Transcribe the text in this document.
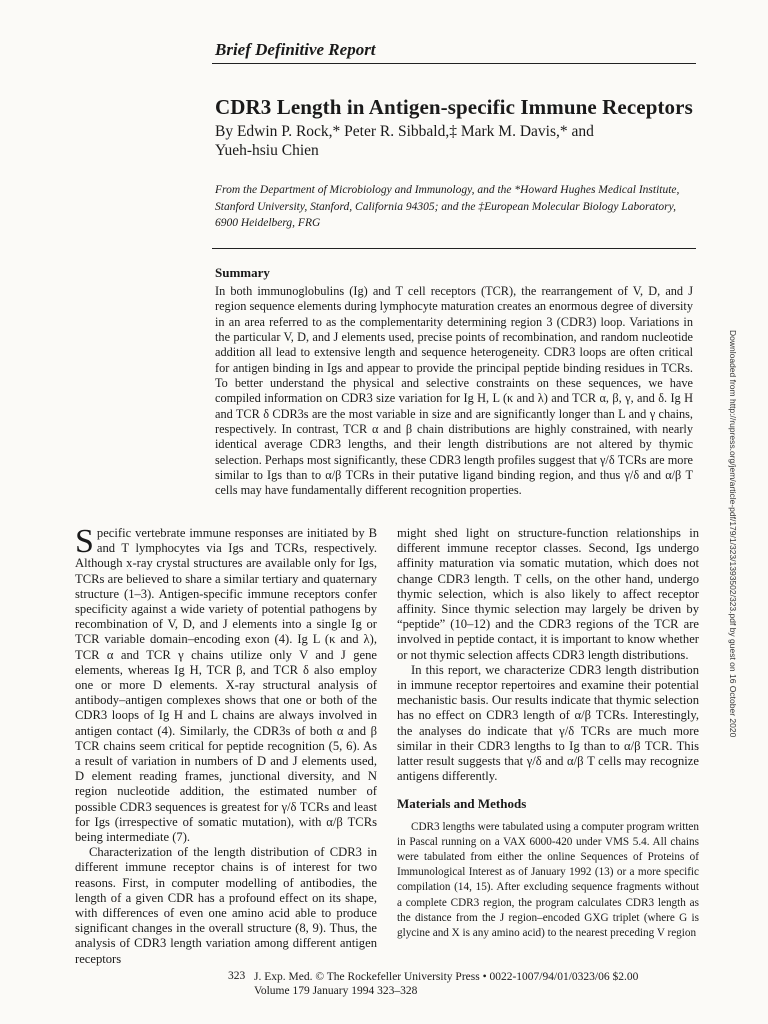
Brief Definitive Report
CDR3 Length in Antigen-specific Immune Receptors
By Edwin P. Rock,* Peter R. Sibbald,‡ Mark M. Davis,* and
Yueh-hsiu Chien
From the Department of Microbiology and Immunology, and the *Howard Hughes Medical Institute, Stanford University, Stanford, California 94305; and the ‡European Molecular Biology Laboratory, 6900 Heidelberg, FRG
Summary

In both immunoglobulins (Ig) and T cell receptors (TCR), the rearrangement of V, D, and J region sequence elements during lymphocyte maturation creates an enormous degree of diversity in an area referred to as the complementarity determining region 3 (CDR3) loop. Variations in the particular V, D, and J elements used, precise points of recombination, and random nucleotide addition all lead to extensive length and sequence heterogeneity. CDR3 loops are often critical for antigen binding in Igs and appear to provide the principal peptide binding residues in TCRs. To better understand the physical and selective constraints on these sequences, we have compiled information on CDR3 size variation for Ig H, L (κ and λ) and TCR α, β, γ, and δ. Ig H and TCR δ CDR3s are the most variable in size and are significantly longer than L and γ chains, respectively. In contrast, TCR α and β chain distributions are highly constrained, with nearly identical average CDR3 lengths, and their length distributions are not altered by thymic selection. Perhaps most significantly, these CDR3 length profiles suggest that γ/δ TCRs are more similar to Igs than to α/β TCRs in their putative ligand binding region, and thus γ/δ and α/β T cells may have fundamentally different recognition properties.

Specific vertebrate immune responses are initiated by B and T lymphocytes via Igs and TCRs, respectively. Although x-ray crystal structures are available only for Igs, TCRs are believed to share a similar tertiary and quaternary structure (1–3). Antigen-specific immune receptors confer specificity against a wide variety of potential pathogens by recombination of V, D, and J elements into a single Ig or TCR variable domain–encoding exon (4). Ig L (κ and λ), TCR α and TCR γ chains utilize only V and J gene elements, whereas Ig H, TCR β, and TCR δ also employ one or more D elements. X-ray structural analysis of antibody–antigen complexes shows that one or both of the CDR3 loops of Ig H and L chains are always involved in antigen contact (4). Similarly, the CDR3s of both α and β TCR chains seem critical for peptide recognition (5, 6). As a result of variation in numbers of D and J elements used, D element reading frames, junctional diversity, and N region nucleotide addition, the estimated number of possible CDR3 sequences is greatest for γ/δ TCRs and least for Igs (irrespective of somatic mutation), with α/β TCRs being intermediate (7).

Characterization of the length distribution of CDR3 in different immune receptor chains is of interest for two reasons. First, in computer modelling of antibodies, the length of a given CDR has a profound effect on its shape, with differences of even one amino acid able to produce significant changes in the overall structure (8, 9). Thus, the analysis of CDR3 length variation among different antigen receptors

might shed light on structure-function relationships in different immune receptor classes. Second, Igs undergo affinity maturation via somatic mutation, which does not change CDR3 length. T cells, on the other hand, undergo thymic selection, which is also likely to affect receptor affinity. Since thymic selection may largely be driven by “peptide” (10–12) and the CDR3 regions of the TCR are involved in peptide contact, it is important to know whether or not thymic selection affects CDR3 length distributions.

In this report, we characterize CDR3 length distribution in immune receptor repertoires and examine their potential mechanistic basis. Our results indicate that thymic selection has no effect on CDR3 length of α/β TCRs. Interestingly, the analyses do indicate that γ/δ TCRs are much more similar in their CDR3 lengths to Ig than to α/β TCR. This latter result suggests that γ/δ and α/β T cells may recognize antigens differently.

Materials and Methods

CDR3 lengths were tabulated using a computer program written in Pascal running on a VAX 6000-420 under VMS 5.4. All chains were tabulated from either the online Sequences of Proteins of Immunological Interest as of January 1992 (13) or a more specific compilation (14, 15). After excluding sequence fragments without a complete CDR3 region, the program calculates CDR3 length as the distance from the J region–encoded GXG triplet (where G is glycine and X is any amino acid) to the nearest preceding V region

323 J. Exp. Med. © The Rockefeller University Press • 0022-1007/94/01/0323/06 $2.00
Volume 179 January 1994 323–328
Downloaded from http://rupress.org/jem/article-pdf/179/1/323/1393502/323.pdf by guest on 16 October 2020
